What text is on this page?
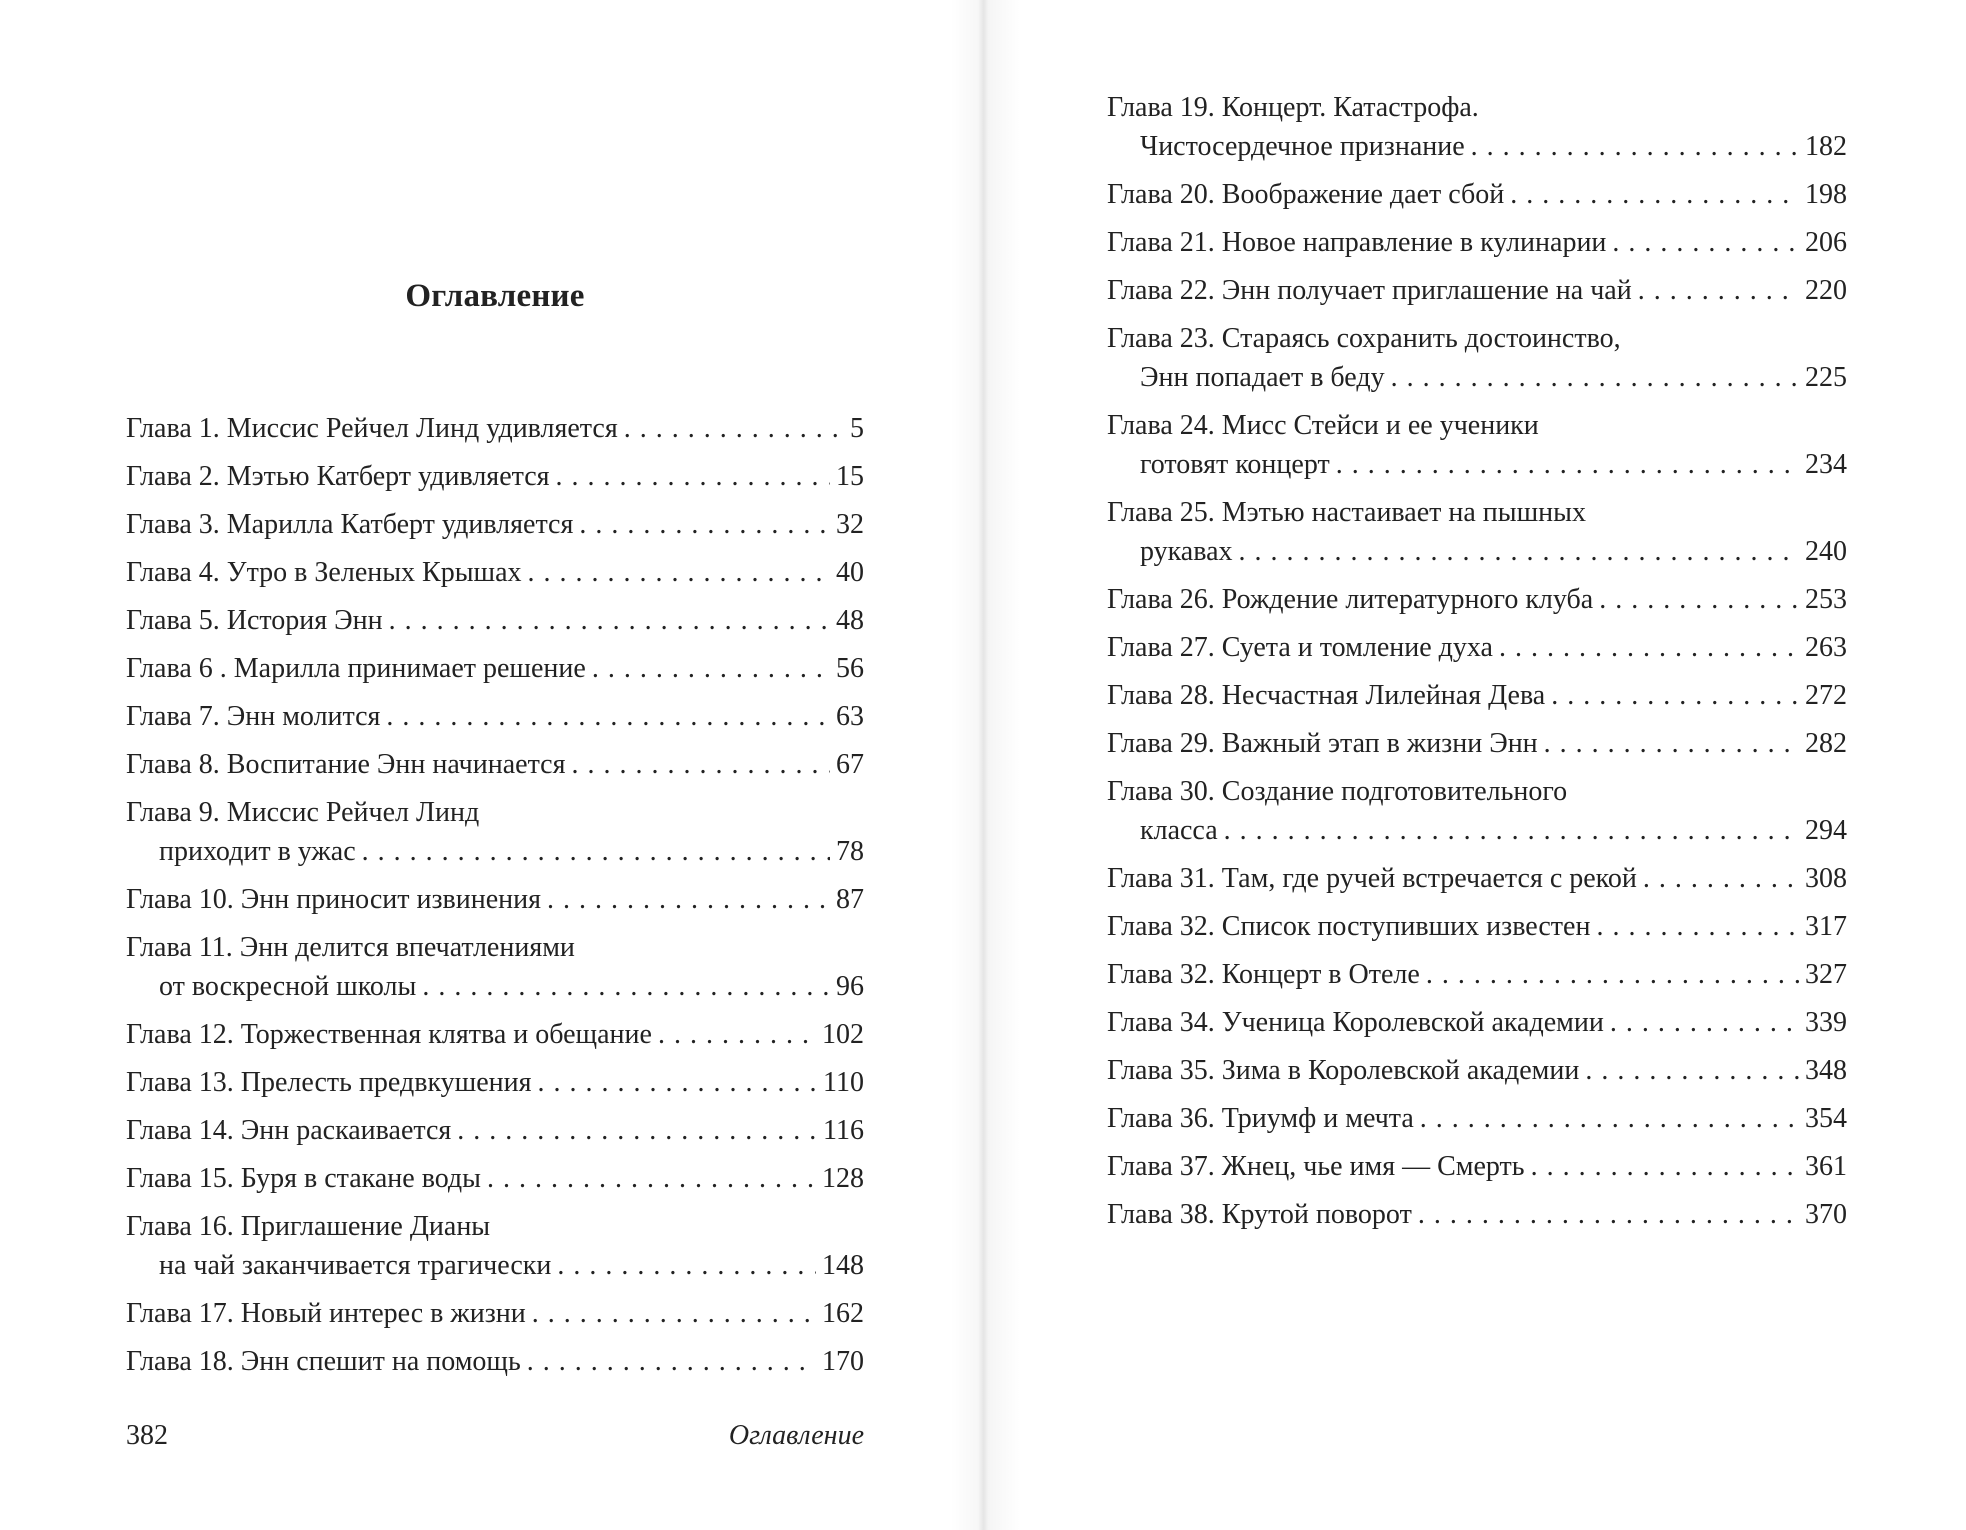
Оглавление
Глава 1. Миссис Рейчел Линд удивляется . . .	5
Глава 2. Мэтью Катберт удивляется . . .	15
Глава 3. Марилла Катберт удивляется . . .	32
Глава 4. Утро в Зеленых Крышах . . .	40
Глава 5. История Энн . . .	48
Глава 6 . Марилла принимает решение . . .	56
Глава 7. Энн молится . . .	63
Глава 8. Воспитание Энн начинается . . .	67
Глава 9. Миссис Рейчел Линд
приходит в ужас . . .	78
Глава 10. Энн приносит извинения . . .	87
Глава 11. Энн делится впечатлениями
от воскресной школы . . .	96
Глава 12. Торжественная клятва и обещание . . .	102
Глава 13. Прелесть предвкушения . . .	110
Глава 14. Энн раскаивается . . .	116
Глава 15. Буря в стакане воды . . .	128
Глава 16. Приглашение Дианы
на чай заканчивается трагически . . .	148
Глава 17. Новый интерес в жизни . . .	162
Глава 18. Энн спешит на помощь . . .	170
382	Оглавление
Глава 19. Концерт. Катастрофа.
Чистосердечное признание . . .	182
Глава 20. Воображение дает сбой . . .	198
Глава 21. Новое направление в кулинарии . . .	206
Глава 22. Энн получает приглашение на чай . . .	220
Глава 23. Стараясь сохранить достоинство,
Энн попадает в беду . . .	225
Глава 24. Мисс Стейси и ее ученики
готовят концерт . . .	234
Глава 25. Мэтью настаивает на пышных
рукавах . . .	240
Глава 26. Рождение литературного клуба . . .	253
Глава 27. Суета и томление духа . . .	263
Глава 28. Несчастная Лилейная Дева . . .	272
Глава 29. Важный этап в жизни Энн . . .	282
Глава 30. Создание подготовительного
класса . . .	294
Глава 31. Там, где ручей встречается с рекой . . .	308
Глава 32. Список поступивших известен . . .	317
Глава 32. Концерт в Отеле . . .	327
Глава 34. Ученица Королевской академии . . .	339
Глава 35. Зима в Королевской академии . . .	348
Глава 36. Триумф и мечта . . .	354
Глава 37. Жнец, чье имя — Смерть . . .	361
Глава 38. Крутой поворот . . .	370
